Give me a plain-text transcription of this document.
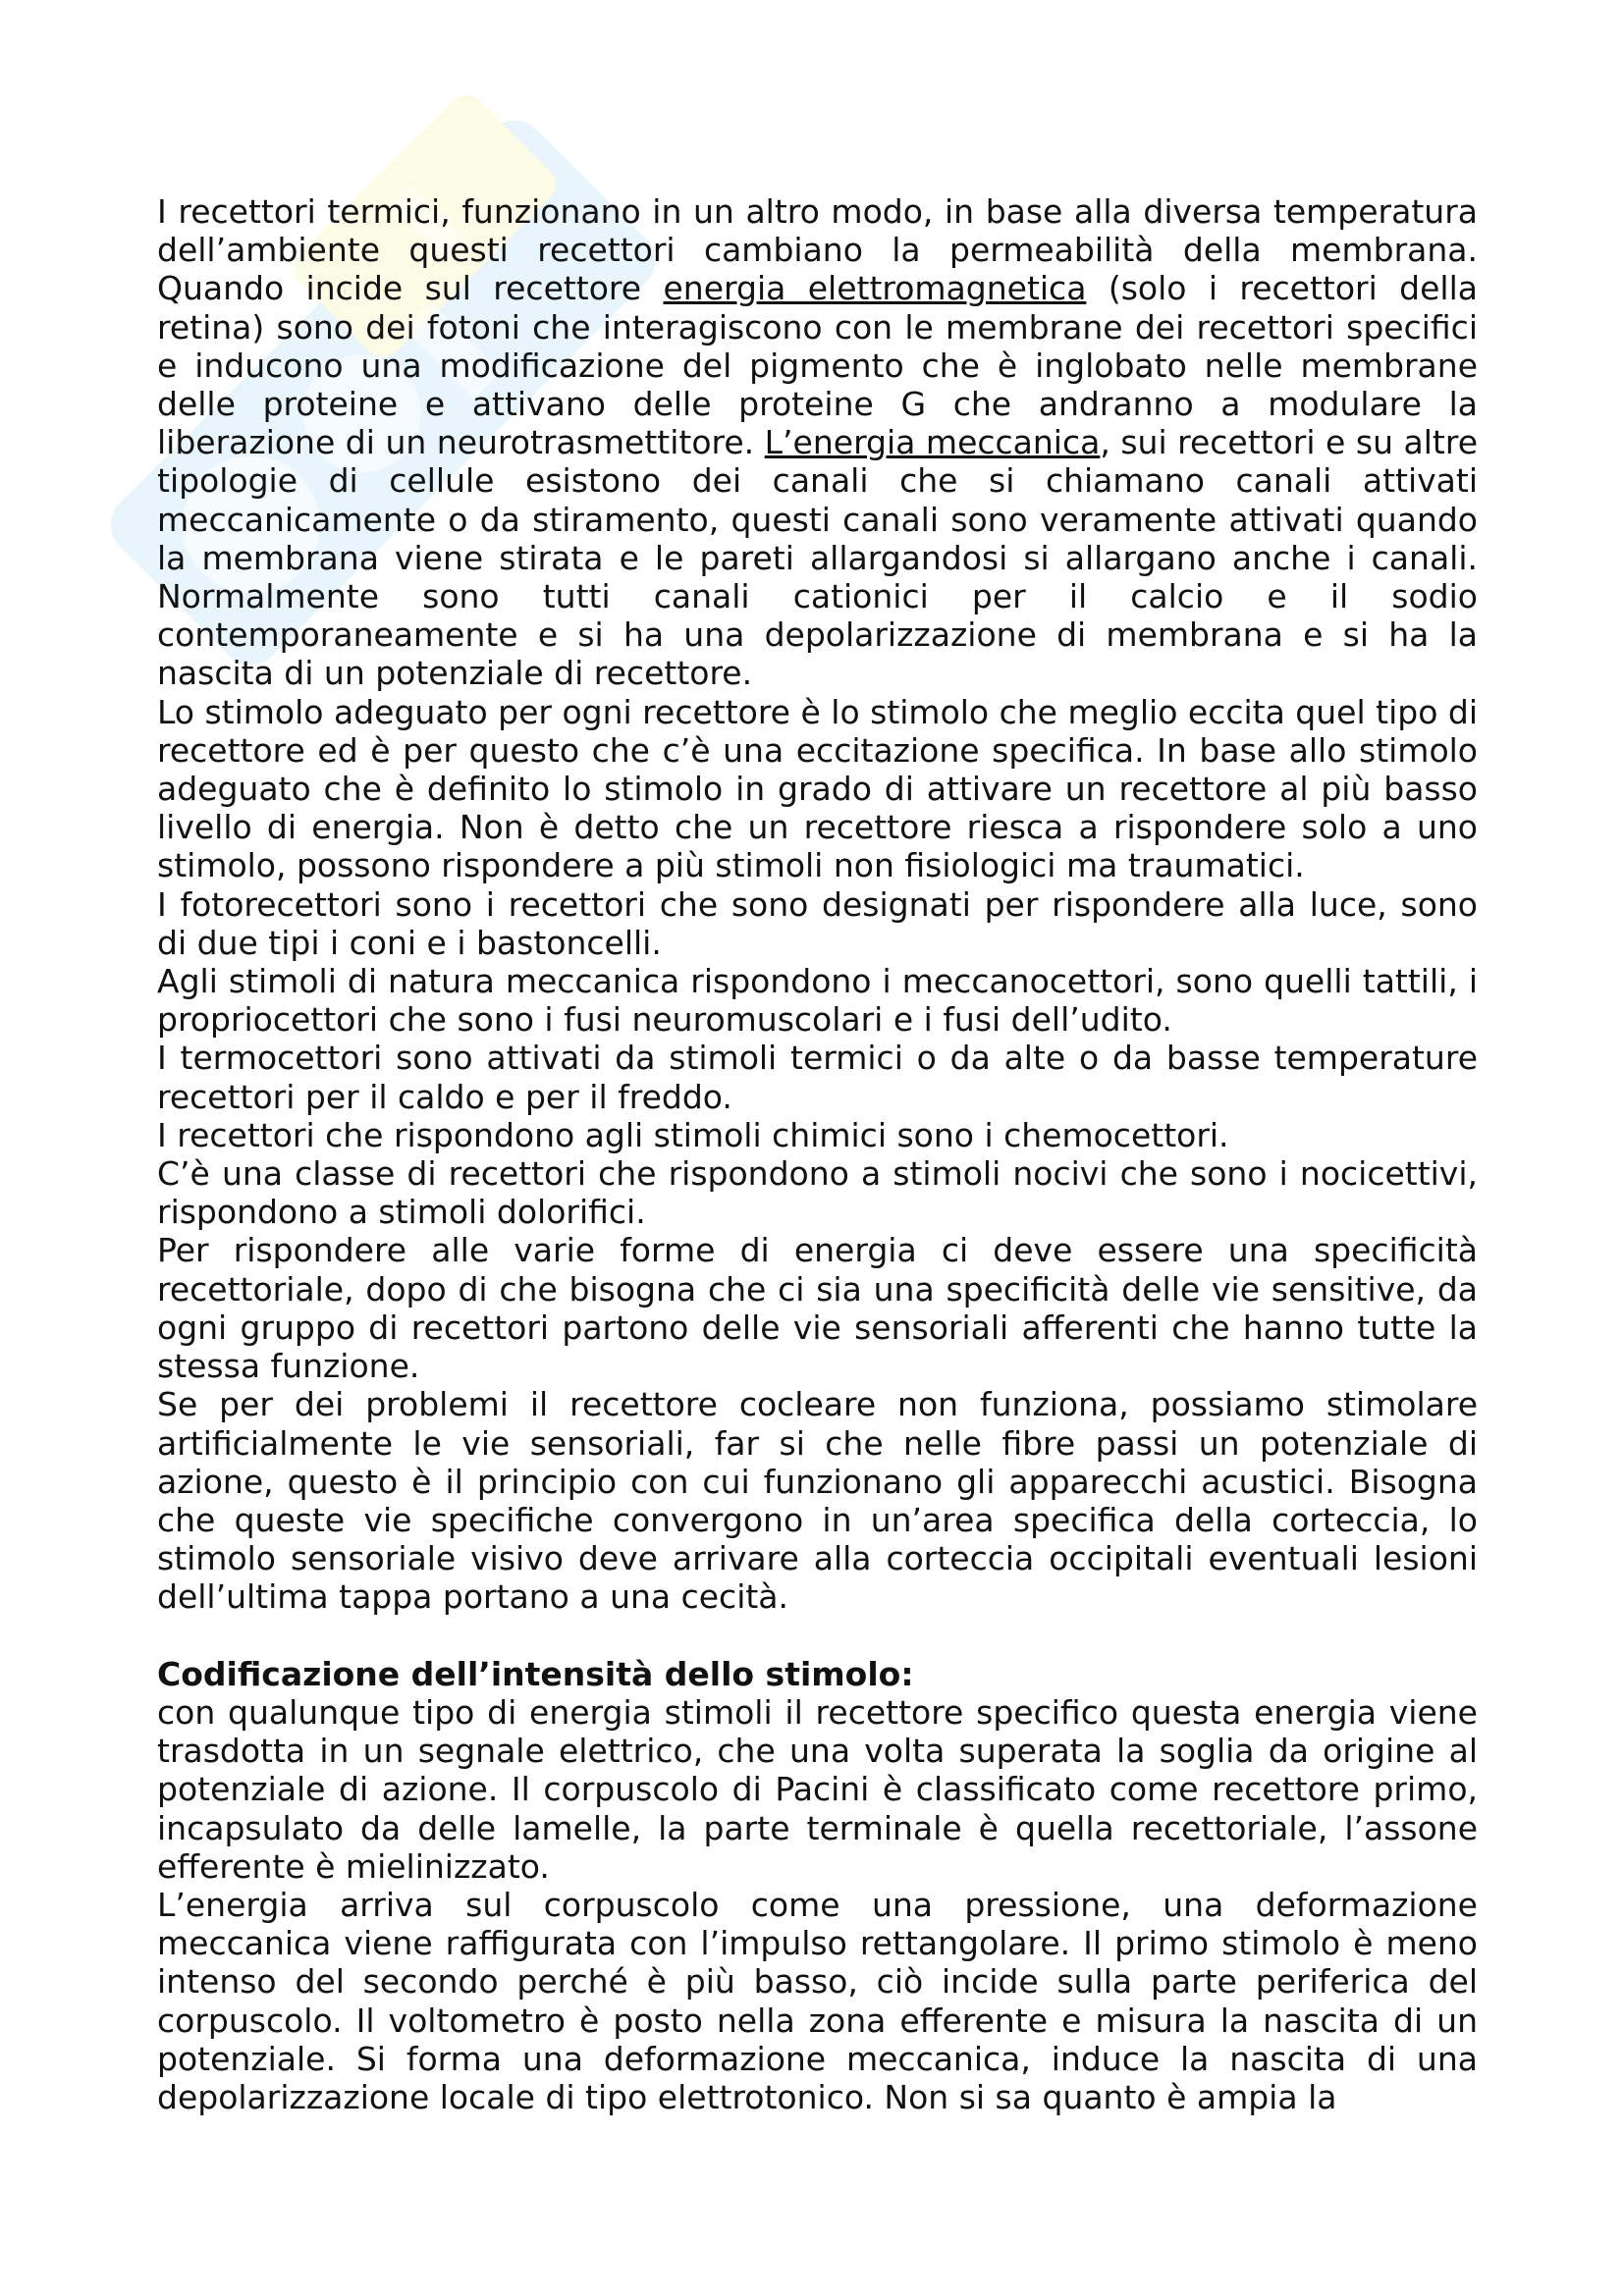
I recettori termici, funzionano in un altro modo, in base alla diversa temperatura dell’ambiente questi recettori cambiano la permeabilità della membrana. Quando incide sul recettore energia elettromagnetica (solo i recettori della retina) sono dei fotoni che interagiscono con le membrane dei recettori specifici e inducono una modificazione del pigmento che è inglobato nelle membrane delle proteine e attivano delle proteine G che andranno a modulare la liberazione di un neurotrasmettitore. L’energia meccanica, sui recettori e su altre tipologie di cellule esistono dei canali che si chiamano canali attivati meccanicamente o da stiramento, questi canali sono veramente attivati quando la membrana viene stirata e le pareti allargandosi si allargano anche i canali. Normalmente sono tutti canali cationici per il calcio e il sodio contemporaneamente e si ha una depolarizzazione di membrana e si ha la nascita di un potenziale di recettore.

Lo stimolo adeguato per ogni recettore è lo stimolo che meglio eccita quel tipo di recettore ed è per questo che c’è una eccitazione specifica. In base allo stimolo adeguato che è definito lo stimolo in grado di attivare un recettore al più basso livello di energia. Non è detto che un recettore riesca a rispondere solo a uno stimolo, possono rispondere a più stimoli non fisiologici ma traumatici.

I fotorecettori sono i recettori che sono designati per rispondere alla luce, sono di due tipi i coni e i bastoncelli.

Agli stimoli di natura meccanica rispondono i meccanocettori, sono quelli tattili, i propriocettori che sono i fusi neuromuscolari e i fusi dell’udito.

I termocettori sono attivati da stimoli termici o da alte o da basse temperature recettori per il caldo e per il freddo.

I recettori che rispondono agli stimoli chimici sono i chemocettori.

C’è una classe di recettori che rispondono a stimoli nocivi che sono i nocicettivi, rispondono a stimoli dolorifici.

Per rispondere alle varie forme di energia ci deve essere una specificità recettoriale, dopo di che bisogna che ci sia una specificità delle vie sensitive, da ogni gruppo di recettori partono delle vie sensoriali afferenti che hanno tutte la stessa funzione.

Se per dei problemi il recettore cocleare non funziona, possiamo stimolare artificialmente le vie sensoriali, far si che nelle fibre passi un potenziale di azione, questo è il principio con cui funzionano gli apparecchi acustici. Bisogna che queste vie specifiche convergono in un’area specifica della corteccia, lo stimolo sensoriale visivo deve arrivare alla corteccia occipitali eventuali lesioni dell’ultima tappa portano a una cecità.

Codificazione dell’intensità dello stimolo:

con qualunque tipo di energia stimoli il recettore specifico questa energia viene trasdotta in un segnale elettrico, che una volta superata la soglia da origine al potenziale di azione. Il corpuscolo di Pacini è classificato come recettore primo, incapsulato da delle lamelle, la parte terminale è quella recettoriale, l’assone efferente è mielinizzato.

L’energia arriva sul corpuscolo come una pressione, una deformazione meccanica viene raffigurata con l’impulso rettangolare. Il primo stimolo è meno intenso del secondo perché è più basso, ciò incide sulla parte periferica del corpuscolo. Il voltometro è posto nella zona efferente e misura la nascita di un potenziale. Si forma una deformazione meccanica, induce la nascita di una depolarizzazione locale di tipo elettrotonico. Non si sa quanto è ampia la
